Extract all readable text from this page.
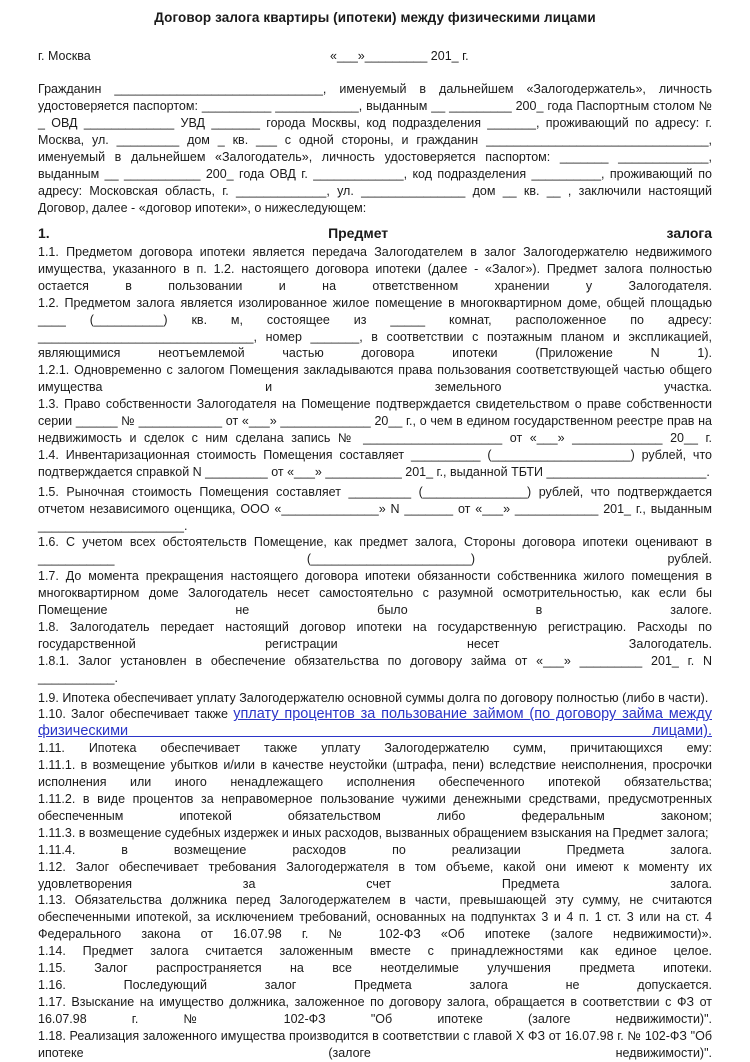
Договор залога квартиры (ипотеки) между физическими лицами
г. Москва	«___»_________ 201_ г.

Гражданин ______________________________, именуемый в дальнейшем «Залогодержатель», личность удостоверяется паспортом: __________ ____________, выданным __ _________ 200_ года Паспортным столом № _ ОВД _____________ УВД _______ города Москвы, код подразделения _______, проживающий по адресу: г. Москва, ул. _________ дом _ кв. ___ с одной стороны, и гражданин ________________________________, именуемый в дальнейшем «Залогодатель», личность удостоверяется паспортом: _______ _____________, выданным __ ___________ 200_ года ОВД г. _____________, код подразделения __________, проживающий по адресу: Московская область, г. _____________, ул. _______________ дом __ кв. __ , заключили настоящий Договор, далее - «договор ипотеки», о нижеследующем:

1.	Предмет	залога

1.1. Предметом договора ипотеки является передача Залогодателем в залог Залогодержателю недвижимого имущества, указанного в п. 1.2. настоящего договора ипотеки (далее - «Залог»). Предмет залога полностью остается в пользовании и на ответственном хранении у Залогодателя.

1.2. Предметом залога является изолированное жилое помещение в многоквартирном доме, общей площадью ____ (__________) кв. м, состоящее из _____ комнат, расположенное по адресу: _______________________________, номер _______, в соответствии с поэтажным планом и экспликацией, являющимися неотъемлемой частью договора ипотеки (Приложение N 1).

1.2.1. Одновременно с залогом Помещения закладываются права пользования соответствующей частью общего имущества и земельного участка.

1.3. Право собственности Залогодателя на Помещение подтверждается свидетельством о праве собственности серии ______ № ____________ от «___» _____________ 20__ г., о чем в едином государственном реестре прав на недвижимость и сделок с ним сделана запись № ____________________ от «___» _____________ 20__ г.

1.4. Инвентаризационная стоимость Помещения составляет __________ (____________________) рублей, что подтверждается справкой N _________ от «___» ___________ 201_ г., выданной ТБТИ _______________________.

1.5. Рыночная стоимость Помещения составляет _________ (_______________) рублей, что подтверждается отчетом независимого оценщика, ООО «______________» N _______ от «___» ____________ 201_ г., выданным _____________________.

1.6. С учетом всех обстоятельств Помещение, как предмет залога, Стороны договора ипотеки оценивают в ___________ (_______________________) рублей.

1.7. До момента прекращения настоящего договора ипотеки обязанности собственника жилого помещения в многоквартирном доме Залогодатель несет самостоятельно с разумной осмотрительностью, как если бы Помещение не было в залоге.

1.8. Залогодатель передает настоящий договор ипотеки на государственную регистрацию. Расходы по государственной регистрации несет Залогодатель.

1.8.1. Залог установлен в обеспечение обязательства по договору займа от «___» _________ 201_ г. N ___________.

1.9. Ипотека обеспечивает уплату Залогодержателю основной суммы долга по договору полностью (либо в части).

1.10. Залог обеспечивает также уплату процентов за пользование займом (по договору займа между физическими лицами).

1.11. Ипотека обеспечивает также уплату Залогодержателю сумм, причитающихся ему:

1.11.1. в возмещение убытков и/или в качестве неустойки (штрафа, пени) вследствие неисполнения, просрочки исполнения или иного ненадлежащего исполнения обеспеченного ипотекой обязательства;

1.11.2. в виде процентов за неправомерное пользование чужими денежными средствами, предусмотренных обеспеченным ипотекой обязательством либо федеральным законом;

1.11.3. в возмещение судебных издержек и иных расходов, вызванных обращением взыскания на Предмет залога;

1.11.4. в возмещение расходов по реализации Предмета залога.

1.12. Залог обеспечивает требования Залогодержателя в том объеме, какой они имеют к моменту их удовлетворения за счет Предмета залога.

1.13. Обязательства должника перед Залогодержателем в части, превышающей эту сумму, не считаются обеспеченными ипотекой, за исключением требований, основанных на подпунктах 3 и 4 п. 1 ст. 3 или на ст. 4 Федерального закона от 16.07.98 г. № 102-ФЗ «Об ипотеке (залоге недвижимости)».

1.14. Предмет залога считается заложенным вместе с принадлежностями как единое целое.

1.15. Залог распространяется на все неотделимые улучшения предмета ипотеки.

1.16. Последующий залог Предмета залога не допускается.

1.17. Взыскание на имущество должника, заложенное по договору залога, обращается в соответствии с ФЗ от 16.07.98 г. № 102-ФЗ "Об ипотеке (залоге недвижимости)".

1.18. Реализация заложенного имущества производится в соответствии с главой X ФЗ от 16.07.98 г. № 102-ФЗ "Об ипотеке (залоге недвижимости)".
